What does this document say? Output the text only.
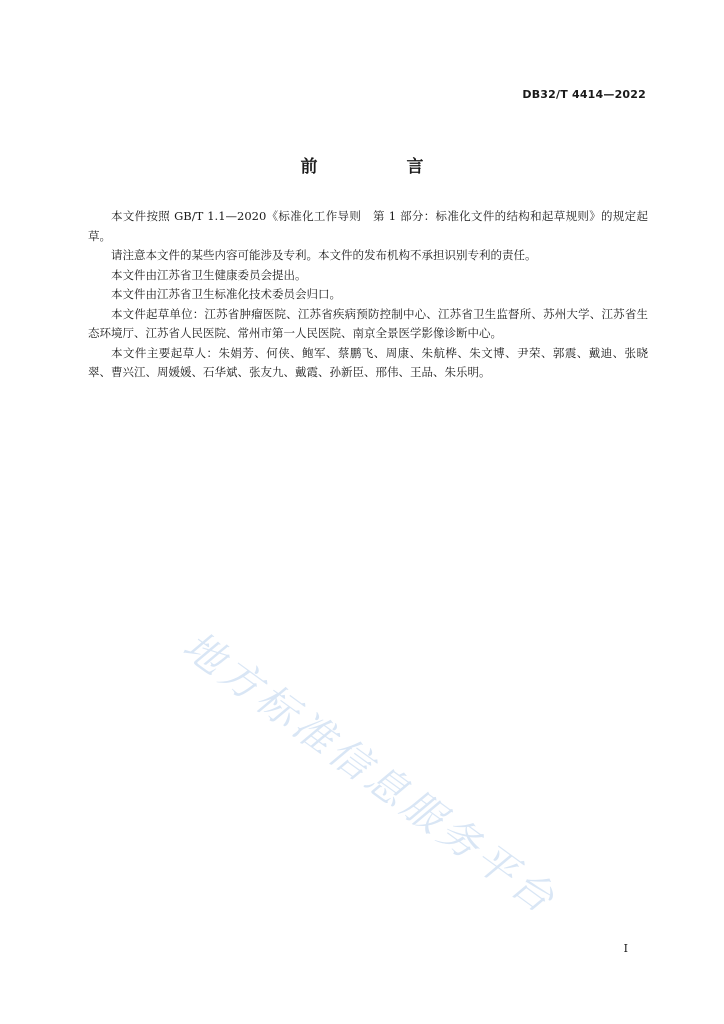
DB32/T 4414—2022
前　言

本文件按照 GB/T 1.1—2020《标准化工作导则　第 1 部分：标准化文件的结构和起草规则》的规定起草。

请注意本文件的某些内容可能涉及专利。本文件的发布机构不承担识别专利的责任。

本文件由江苏省卫生健康委员会提出。

本文件由江苏省卫生标准化技术委员会归口。

本文件起草单位：江苏省肿瘤医院、江苏省疾病预防控制中心、江苏省卫生监督所、苏州大学、江苏省生态环境厅、江苏省人民医院、常州市第一人民医院、南京全景医学影像诊断中心。

本文件主要起草人：朱娟芳、何侠、鲍军、蔡鹏飞、周康、朱航桦、朱文博、尹荣、郭震、戴迪、张晓翠、曹兴江、周媛媛、石华斌、张友九、戴霞、孙新臣、邢伟、王品、朱乐明。

地方标准信息服务平台
I
